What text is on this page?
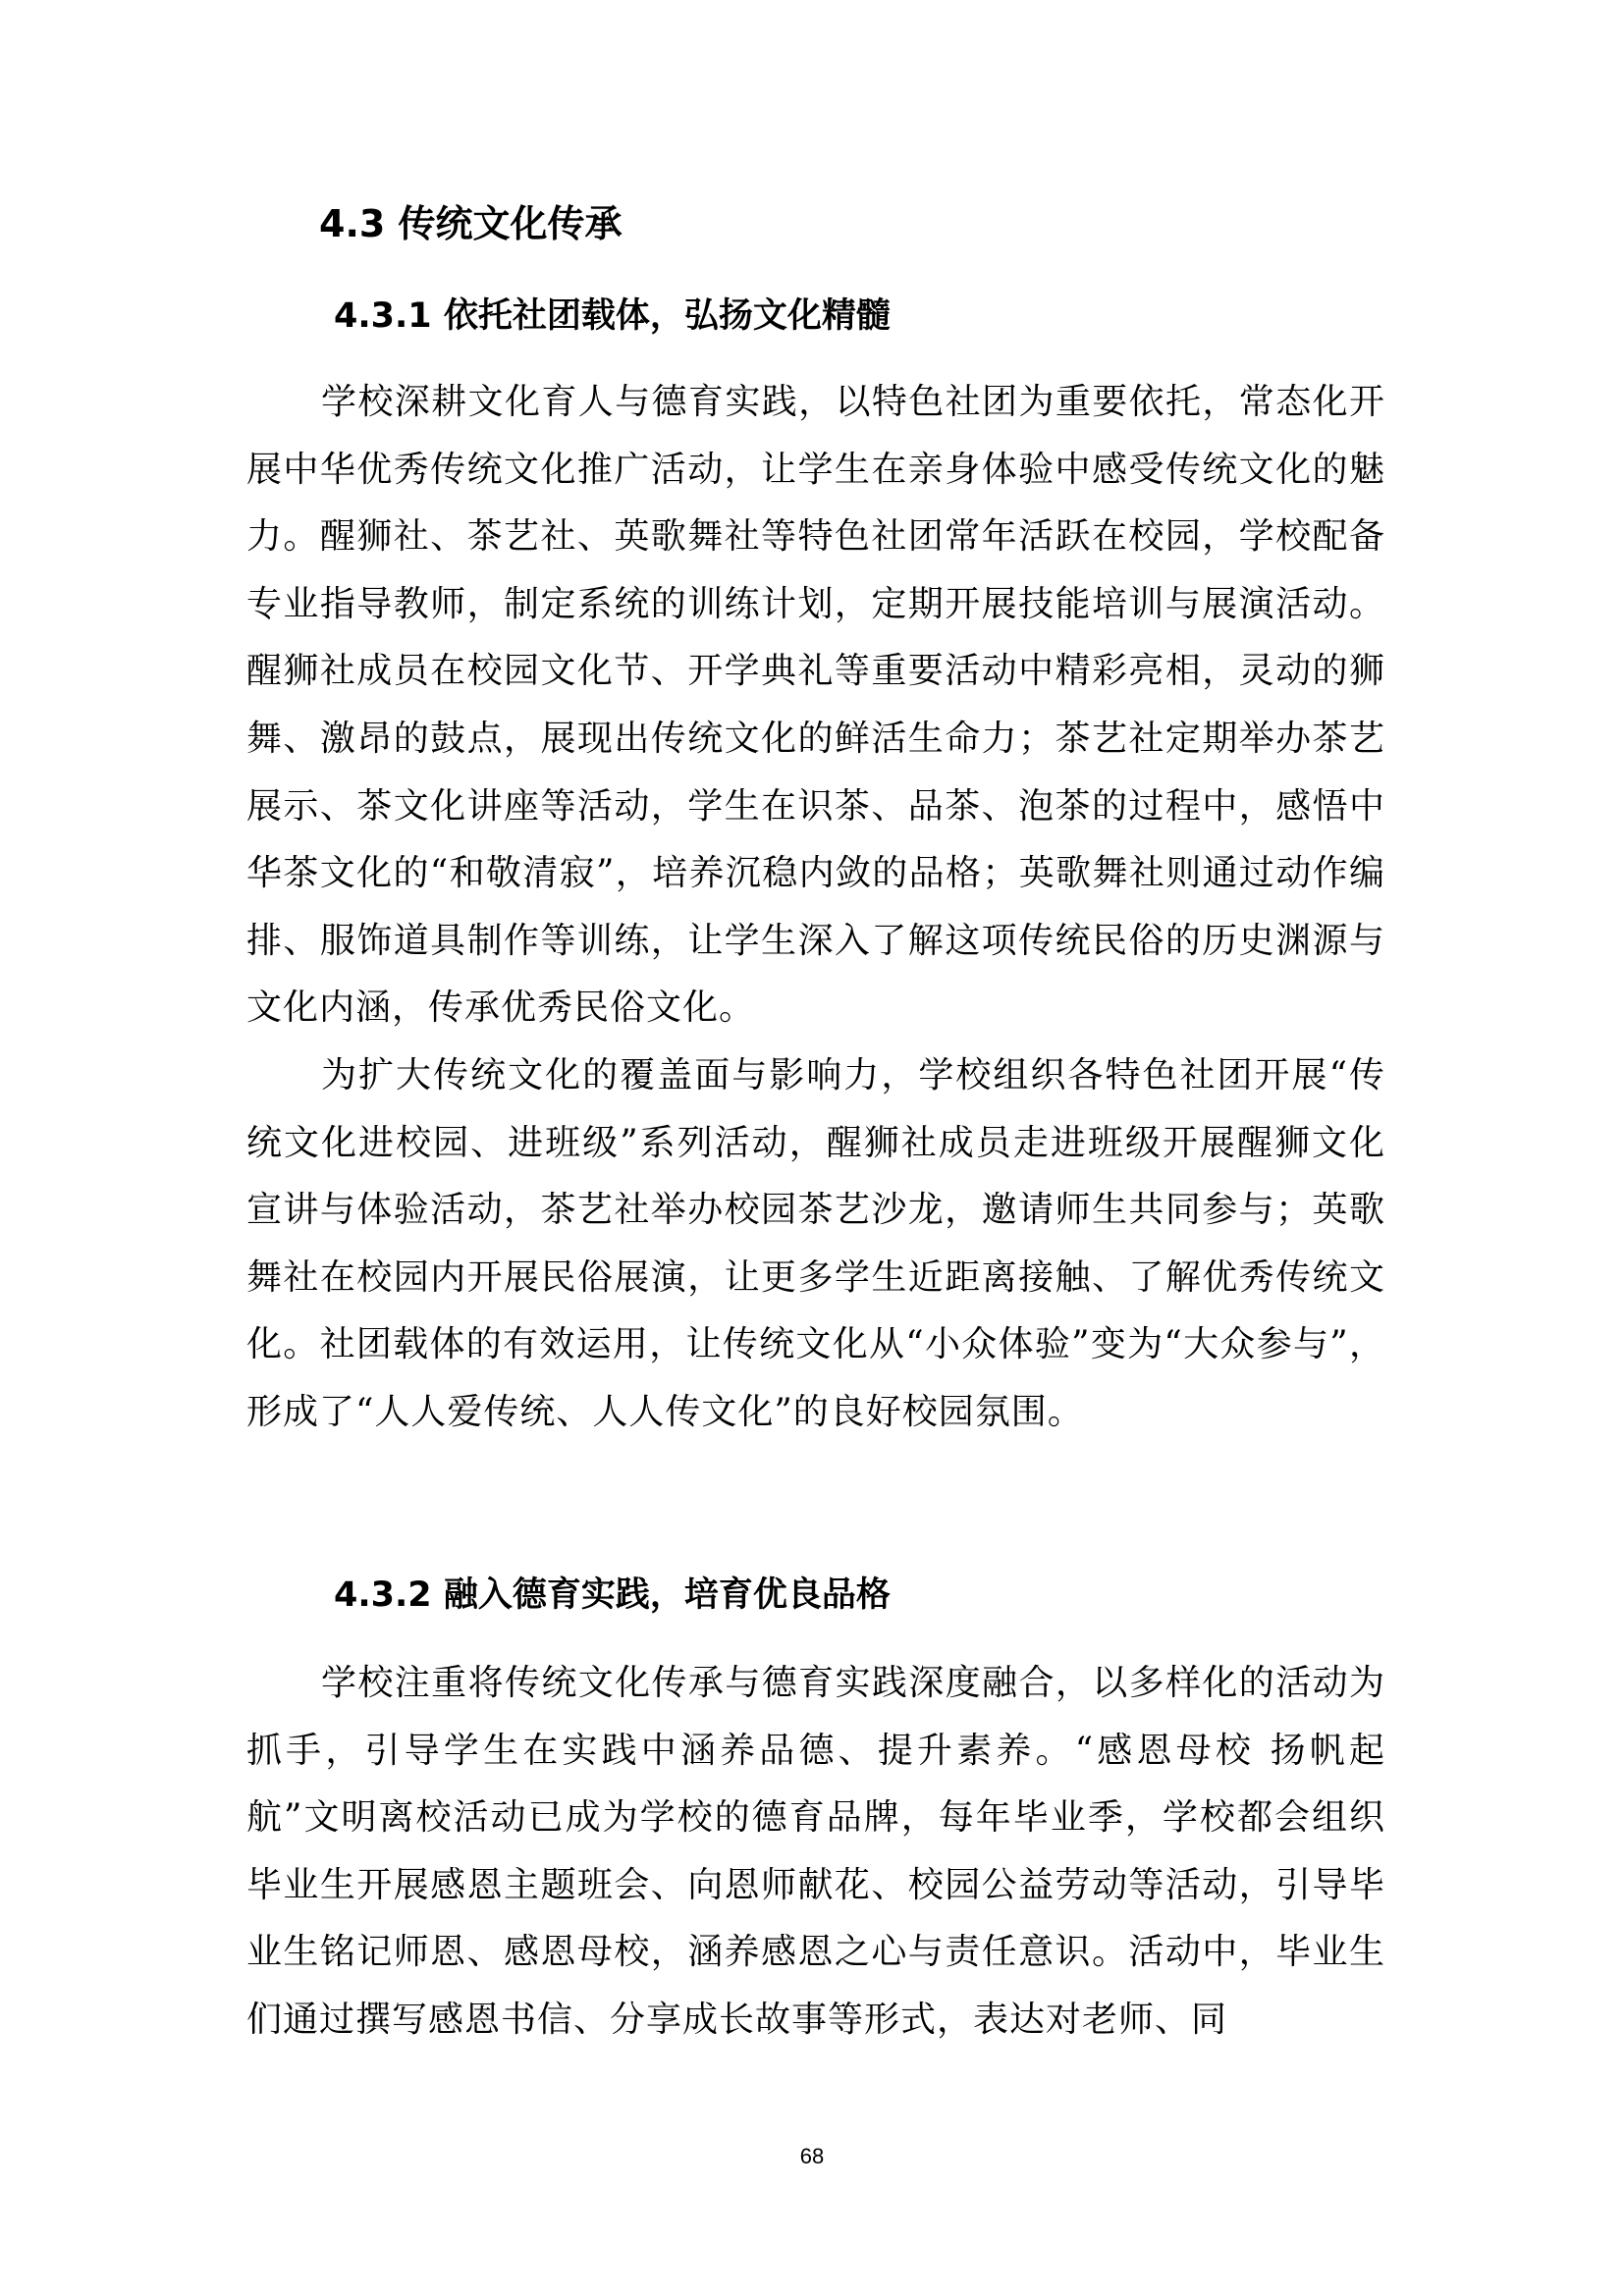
4.3 传统文化传承
4.3.1 依托社团载体，弘扬文化精髓

学校深耕文化育人与德育实践，以特色社团为重要依托，常态化开展中华优秀传统文化推广活动，让学生在亲身体验中感受传统文化的魅力。醒狮社、茶艺社、英歌舞社等特色社团常年活跃在校园，学校配备专业指导教师，制定系统的训练计划，定期开展技能培训与展演活动。醒狮社成员在校园文化节、开学典礼等重要活动中精彩亮相，灵动的狮舞、激昂的鼓点，展现出传统文化的鲜活生命力；茶艺社定期举办茶艺展示、茶文化讲座等活动，学生在识茶、品茶、泡茶的过程中，感悟中华茶文化的“和敬清寂”，培养沉稳内敛的品格；英歌舞社则通过动作编排、服饰道具制作等训练，让学生深入了解这项传统民俗的历史渊源与文化内涵，传承优秀民俗文化。

为扩大传统文化的覆盖面与影响力，学校组织各特色社团开展“传统文化进校园、进班级”系列活动，醒狮社成员走进班级开展醒狮文化宣讲与体验活动，茶艺社举办校园茶艺沙龙，邀请师生共同参与；英歌舞社在校园内开展民俗展演，让更多学生近距离接触、了解优秀传统文化。社团载体的有效运用，让传统文化从“小众体验”变为“大众参与”，形成了“人人爱传统、人人传文化”的良好校园氛围。

4.3.2 融入德育实践，培育优良品格

学校注重将传统文化传承与德育实践深度融合，以多样化的活动为抓手，引导学生在实践中涵养品德、提升素养。“感恩母校 扬帆起航”文明离校活动已成为学校的德育品牌，每年毕业季，学校都会组织毕业生开展感恩主题班会、向恩师献花、校园公益劳动等活动，引导毕业生铭记师恩、感恩母校，涵养感恩之心与责任意识。活动中，毕业生们通过撰写感恩书信、分享成长故事等形式，表达对老师、同

68
